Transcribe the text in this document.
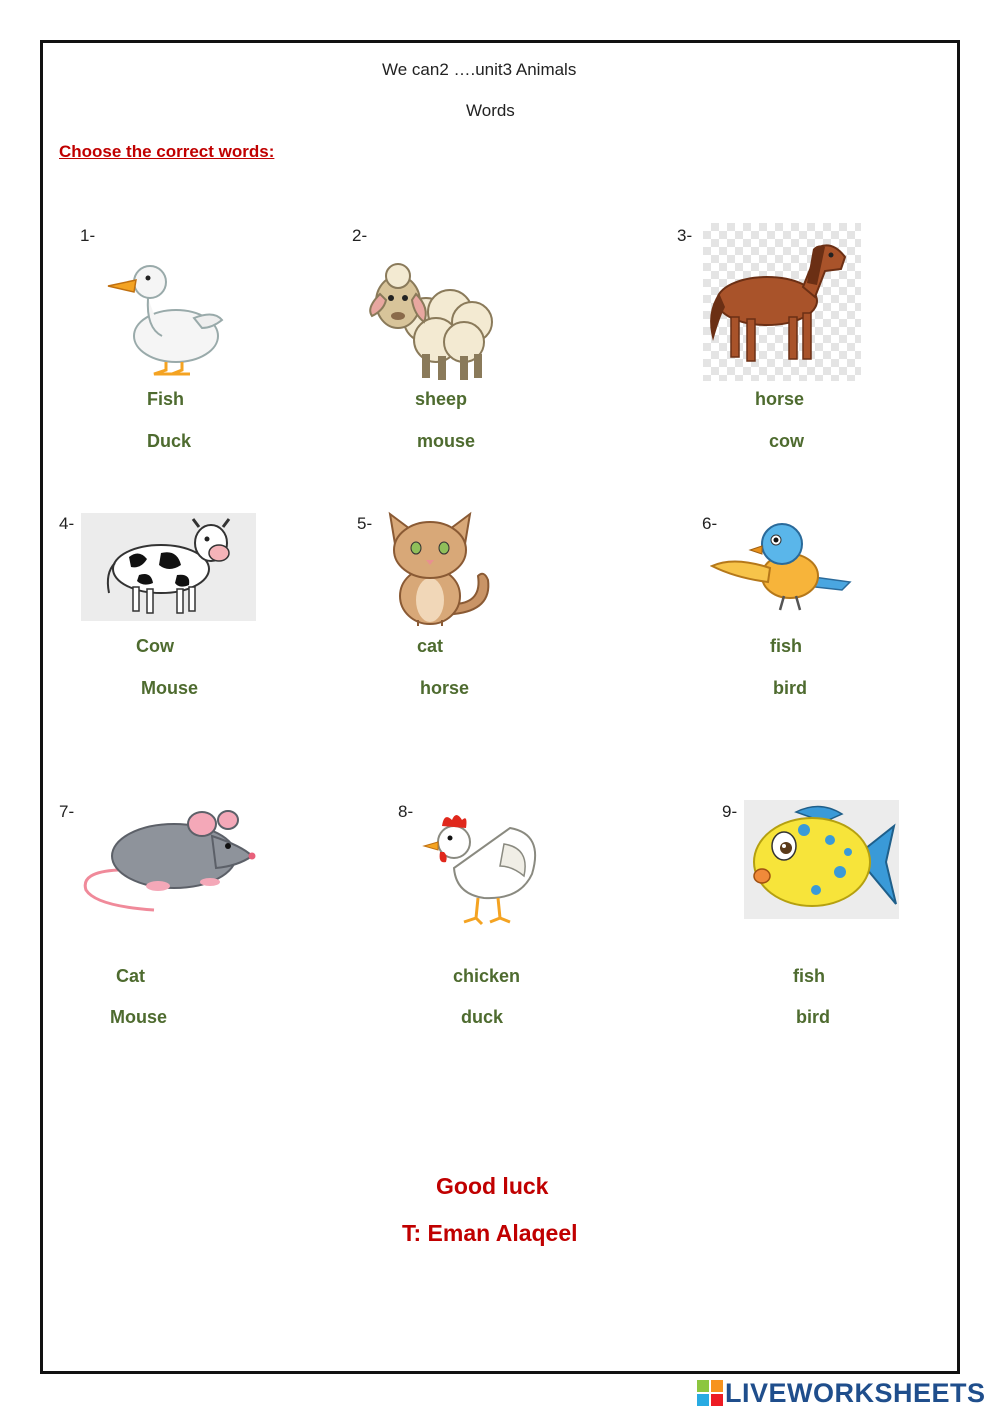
We can2 ….unit3 Animals
Words
Choose the correct words:
1-
Fish
Duck
2-
sheep
mouse
3-
horse
cow
4-
Cow
Mouse
5-
cat
horse
6-
fish
bird
7-
Cat
Mouse
8-
chicken
duck
9-
fish
bird
Good luck
T: Eman Alaqeel
LIVEWORKSHEETS
